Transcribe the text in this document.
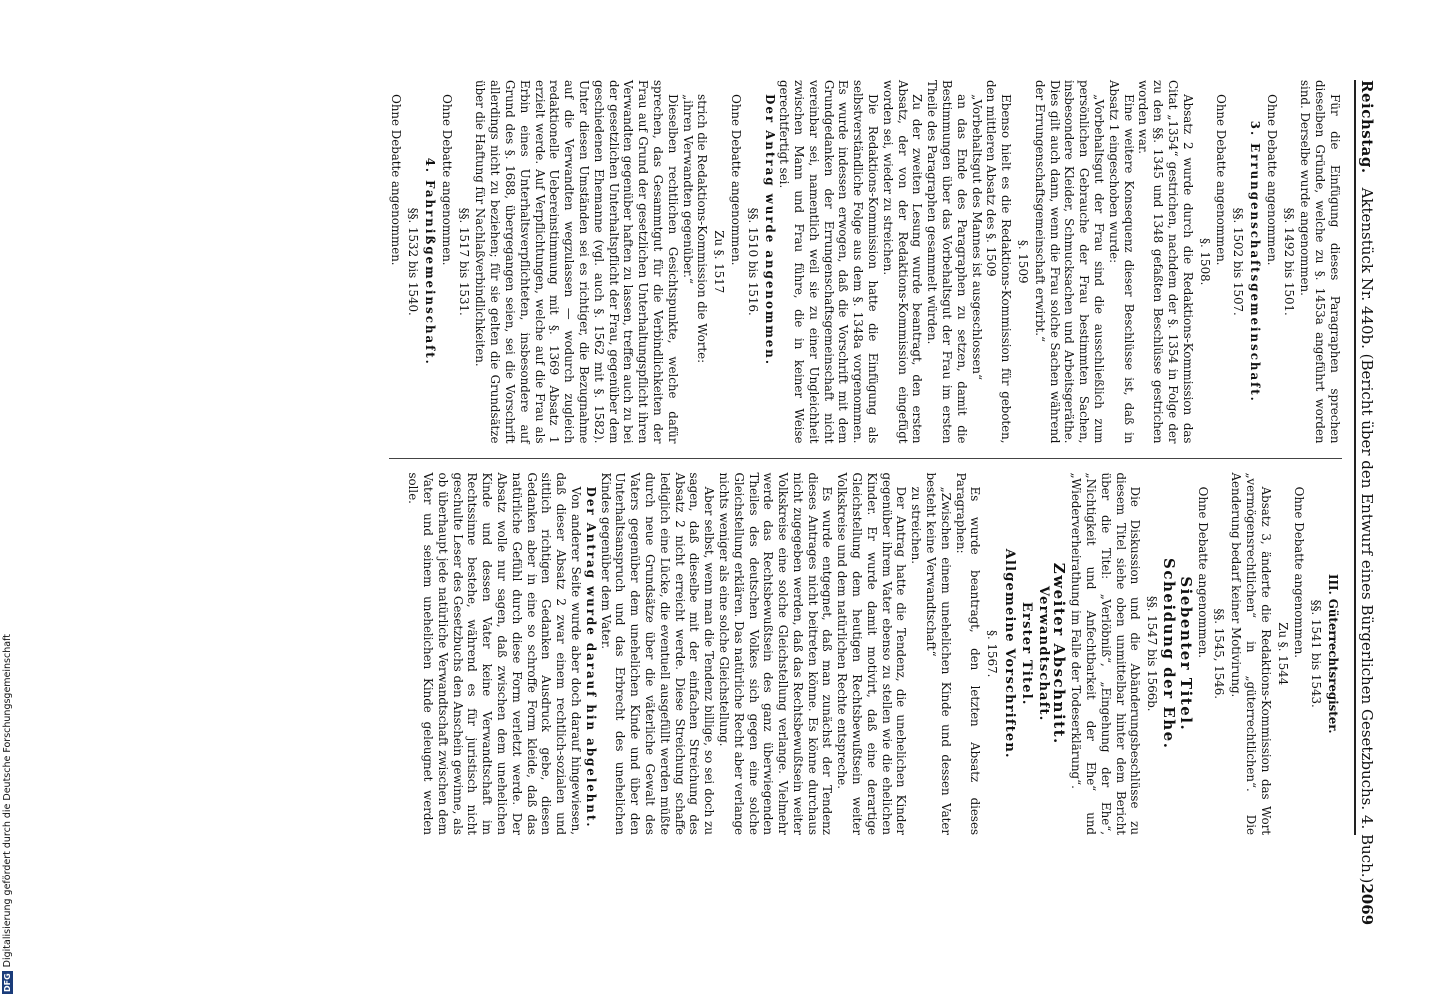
Reichstag.
Aktenstück Nr. 440b. (Bericht über den Entwurf eines Bürgerlichen Gesetzbuchs. 4. Buch.)
2069

Für die Einfügung dieses Paragraphen sprechen dieselben Gründe, welche zu §. 1453a angeführt worden sind. Derselbe wurde angenommen.

§§. 1492 bis 1501.

Ohne Debatte angenommen.

3. Errungenschaftsgemeinschaft.

§§. 1502 bis 1507.

Ohne Debatte angenommen.

§. 1508.

Absatz 2 wurde durch die Redaktions-Kommission das Citat „1354“ gestrichen, nachdem der §. 1354 in Folge der zu den §§. 1345 und 1348 gefaßten Beschlüsse gestrichen worden war.

Eine weitere Konsequenz dieser Beschlüsse ist, daß in Absatz 1 eingeschoben wurde:

„Vorbehaltsgut der Frau sind die ausschließlich zum persönlichen Gebrauche der Frau bestimmten Sachen, insbesondere Kleider, Schmucksachen und Arbeitsgeräthe. Dies gilt auch dann, wenn die Frau solche Sachen während der Errungenschaftsgemeinschaft erwirbt.“

§. 1509

Ebenso hielt es die Redaktions-Kommission für geboten, den mittleren Absatz des §. 1509

„Vorbehaltsgut des Mannes ist ausgeschlossen“

an das Ende des Paragraphen zu setzen, damit die Bestimmungen über das Vorbehaltsgut der Frau im ersten Theile des Paragraphen gesammelt würden.

Zu der zweiten Lesung wurde beantragt, den ersten Absatz, der von der Redaktions-Kommission eingefügt worden sei, wieder zu streichen.

Die Redaktions-Kommission hatte die Einfügung als selbstverständliche Folge aus dem §. 1348a vorgenommen. Es wurde indessen erwogen, daß die Vorschrift mit dem Grundgedanken der Errungenschaftsgemeinschaft nicht vereinbar sei, namentlich weil sie zu einer Ungleichheit zwischen Mann und Frau führe, die in keiner Weise gerechtfertigt sei.

Der Antrag wurde angenommen.

§§. 1510 bis 1516.

Ohne Debatte angenommen.

Zu §. 1517

strich die Redaktions-Kommission die Worte:

„ihren Verwandten gegenüber.“

Dieselben rechtlichen Gesichtspunkte, welche dafür sprechen, das Gesammtgut für die Verbindlichkeiten der Frau auf Grund der gesetzlichen Unterhaltungspflicht ihren Verwandten gegenüber haften zu lassen, treffen auch zu bei der gesetzlichen Unterhaltspflicht der Frau, gegenüber dem geschiedenen Ehemanne (vgl. auch §. 1562 mit §. 1582). Unter diesen Umständen sei es richtiger, die Bezugnahme auf die Verwandten wegzulassen — wodurch zugleich redaktionelle Uebereinstimmung mit §. 1369 Absatz 1 erzielt werde. Auf Verpflichtungen, welche auf die Frau als Erbin eines Unterhaltsverpflichteten, insbesondere auf Grund des §. 1688, übergegangen seien, sei die Vorschrift allerdings nicht zu beziehen; für sie gelten die Grundsätze über die Haftung für Nachlaßverbindlichkeiten.

§§. 1517 bis 1531.

Ohne Debatte angenommen.

4. Fahrnißgemeinschaft.

§§. 1532 bis 1540.

Ohne Debatte angenommen.

III. Güterrechtsregister.

§§. 1541 bis 1543.

Ohne Debatte angenommen.

Zu §. 1544

Absatz 3, änderte die Redaktions-Kommission das Wort „vermögensrechtlichen“ in „güterrechtlichen“. Die Aenderung bedarf keiner Motivirung.

§§. 1545, 1546.

Ohne Debatte angenommen.

Siebenter Titel.

Scheidung der Ehe.

§§. 1547 bis 1566b.

Die Diskussion und die Abänderungsbeschlüsse zu diesem Titel siehe oben unmittelbar hinter dem Bericht über die Titel: „Verlöbniß“, „Eingehung der Ehe“, „Nichtigkeit und Anfechtbarkeit der Ehe“ und „Wiederverheirathung im Falle der Todeserklärung“.

Zweiter Abschnitt.

Verwandtschaft.

Erster Titel.

Allgemeine Vorschriften.

§. 1567.

Es wurde beantragt, den letzten Absatz dieses Paragraphen:

„Zwischen einem unehelichen Kinde und dessen Vater besteht keine Verwandtschaft“

zu streichen.

Der Antrag hatte die Tendenz, die unehelichen Kinder gegenüber ihrem Vater ebenso zu stellen wie die ehelichen Kinder. Er wurde damit motivirt, daß eine derartige Gleichstellung dem heutigen Rechtsbewußtsein weiter Volkskreise und dem natürlichen Rechte entspreche.

Es wurde entgegnet, daß man zunächst der Tendenz dieses Antrages nicht beitreten könne. Es könne durchaus nicht zugegeben werden, daß das Rechtsbewußtsein weiter Volkskreise eine solche Gleichstellung verlange. Vielmehr werde das Rechtsbewußtsein des ganz überwiegenden Theiles des deutschen Volkes sich gegen eine solche Gleichstellung erklären. Das natürliche Recht aber verlange nichts weniger als eine solche Gleichstellung.

Aber selbst, wenn man die Tendenz billige, so sei doch zu sagen, daß dieselbe mit der einfachen Streichung des Absatz 2 nicht erreicht werde. Diese Streichung schaffe lediglich eine Lücke, die eventuell ausgefüllt werden müßte durch neue Grundsätze über die väterliche Gewalt des Vaters gegenüber dem unehelichen Kinde und über den Unterhaltsanspruch und das Erbrecht des unehelichen Kindes gegenüber dem Vater.

Der Antrag wurde darauf hin abgelehnt.

Von anderer Seite wurde aber doch darauf hingewiesen, daß dieser Absatz 2 zwar einem rechtlich-sozialen und sittlich richtigen Gedanken Ausdruck gebe, diesen Gedanken aber in eine so schroffe Form kleide, daß das natürliche Gefühl durch diese Form verletzt werde. Der Absatz wolle nur sagen, daß zwischen dem unehelichen Kinde und dessen Vater keine Verwandtschaft im Rechtssinne bestehe, während es für juristisch nicht geschulte Leser des Gesetzbuchs den Anschein gewinne, als ob überhaupt jede natürliche Verwandtschaft zwischen dem Vater und seinem unehelichen Kinde geleugnet werden solle.

DFG
Digitalisierung gefördert durch die Deutsche Forschungsgemeinschaft
